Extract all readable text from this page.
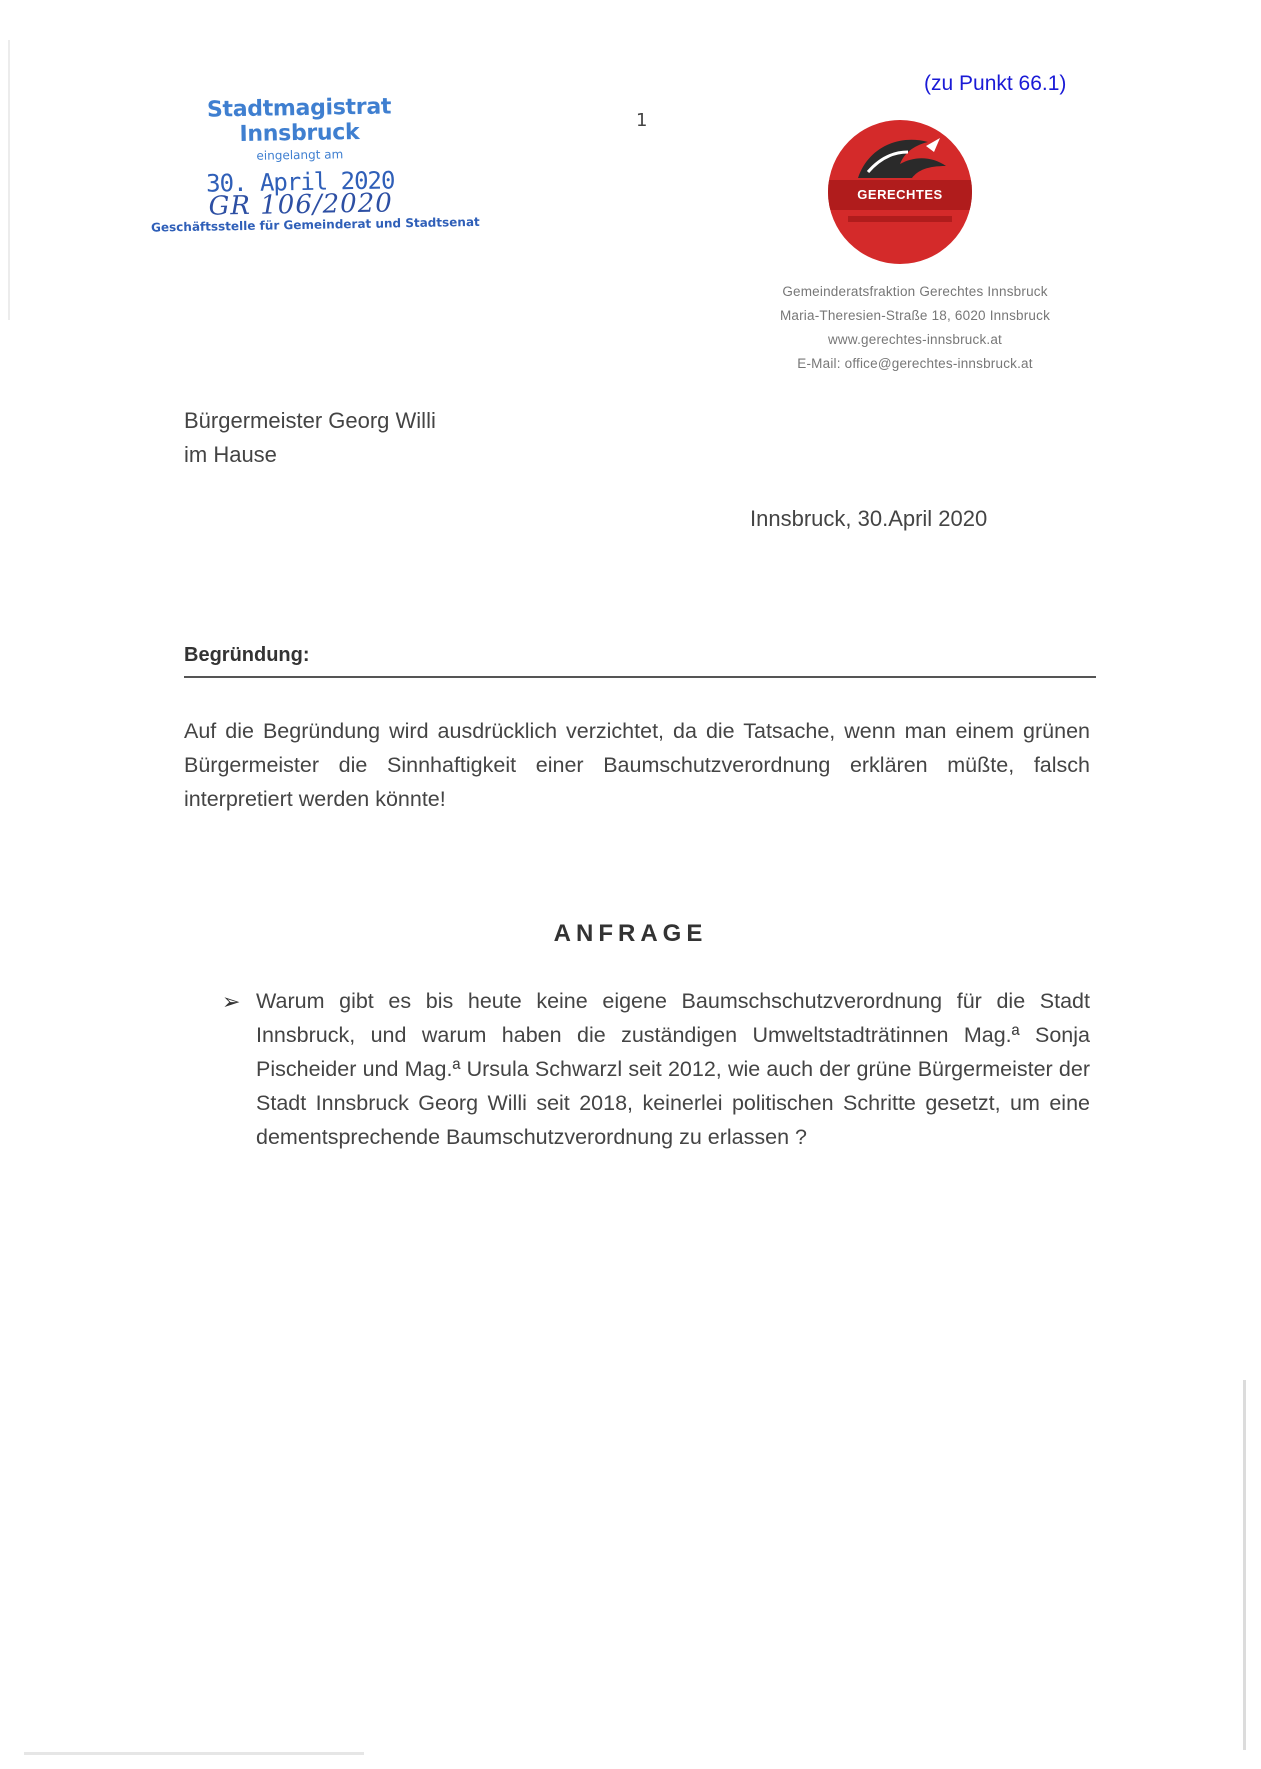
(zu Punkt 66.1)
1
Stadtmagistrat Innsbruck
eingelangt am
30. April 2020
GR 106/2020
Geschäftsstelle für Gemeinderat und Stadtsenat
GERECHTES
Gemeinderatsfraktion Gerechtes Innsbruck
Maria-Theresien-Straße 18, 6020 Innsbruck
www.gerechtes-innsbruck.at
E-Mail: office@gerechtes-innsbruck.at
Bürgermeister Georg Willi
im Hause
Innsbruck, 30.April 2020
Begründung:
Auf die Begründung wird ausdrücklich verzichtet, da die Tatsache, wenn man einem grünen Bürgermeister die Sinnhaftigkeit einer Baumschutzverordnung erklären müßte, falsch interpretiert werden könnte!
ANFRAGE
➢ Warum gibt es bis heute keine eigene Baumschschutzverordnung für die Stadt Innsbruck, und warum haben die zuständigen Umweltstadträtinnen Mag.ª Sonja Pischeider und Mag.ª Ursula Schwarzl seit 2012, wie auch der grüne Bürgermeister der Stadt Innsbruck Georg Willi seit 2018, keinerlei politischen Schritte gesetzt, um eine dementsprechende Baumschutzverordnung zu erlassen ?
